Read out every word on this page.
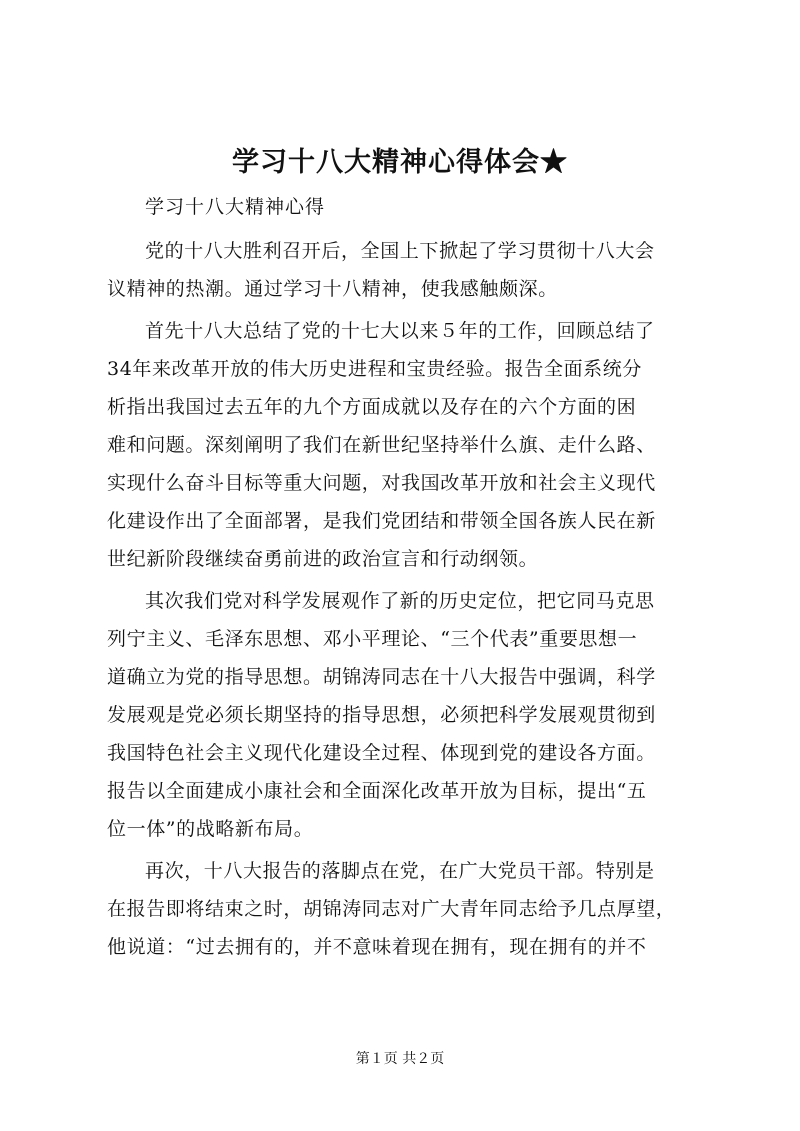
学习十八大精神心得体会★

学习十八大精神心得

党的十八大胜利召开后，全国上下掀起了学习贯彻十八大会
议精神的热潮。通过学习十八精神，使我感触颇深。
首先十八大总结了党的十七大以来５年的工作，回顾总结了
34年来改革开放的伟大历史进程和宝贵经验。报告全面系统分
析指出我国过去五年的九个方面成就以及存在的六个方面的困
难和问题。深刻阐明了我们在新世纪坚持举什么旗、走什么路、
实现什么奋斗目标等重大问题，对我国改革开放和社会主义现代
化建设作出了全面部署，是我们党团结和带领全国各族人民在新
世纪新阶段继续奋勇前进的政治宣言和行动纲领。
其次我们党对科学发展观作了新的历史定位，把它同马克思
列宁主义、毛泽东思想、邓小平理论、“三个代表”重要思想一
道确立为党的指导思想。胡锦涛同志在十八大报告中强调，科学
发展观是党必须长期坚持的指导思想，必须把科学发展观贯彻到
我国特色社会主义现代化建设全过程、体现到党的建设各方面。
报告以全面建成小康社会和全面深化改革开放为目标，提出“五
位一体”的战略新布局。
再次，十八大报告的落脚点在党，在广大党员干部。特别是
在报告即将结束之时，胡锦涛同志对广大青年同志给予几点厚望，
他说道：“过去拥有的，并不意味着现在拥有，现在拥有的并不
第１页 共２页
